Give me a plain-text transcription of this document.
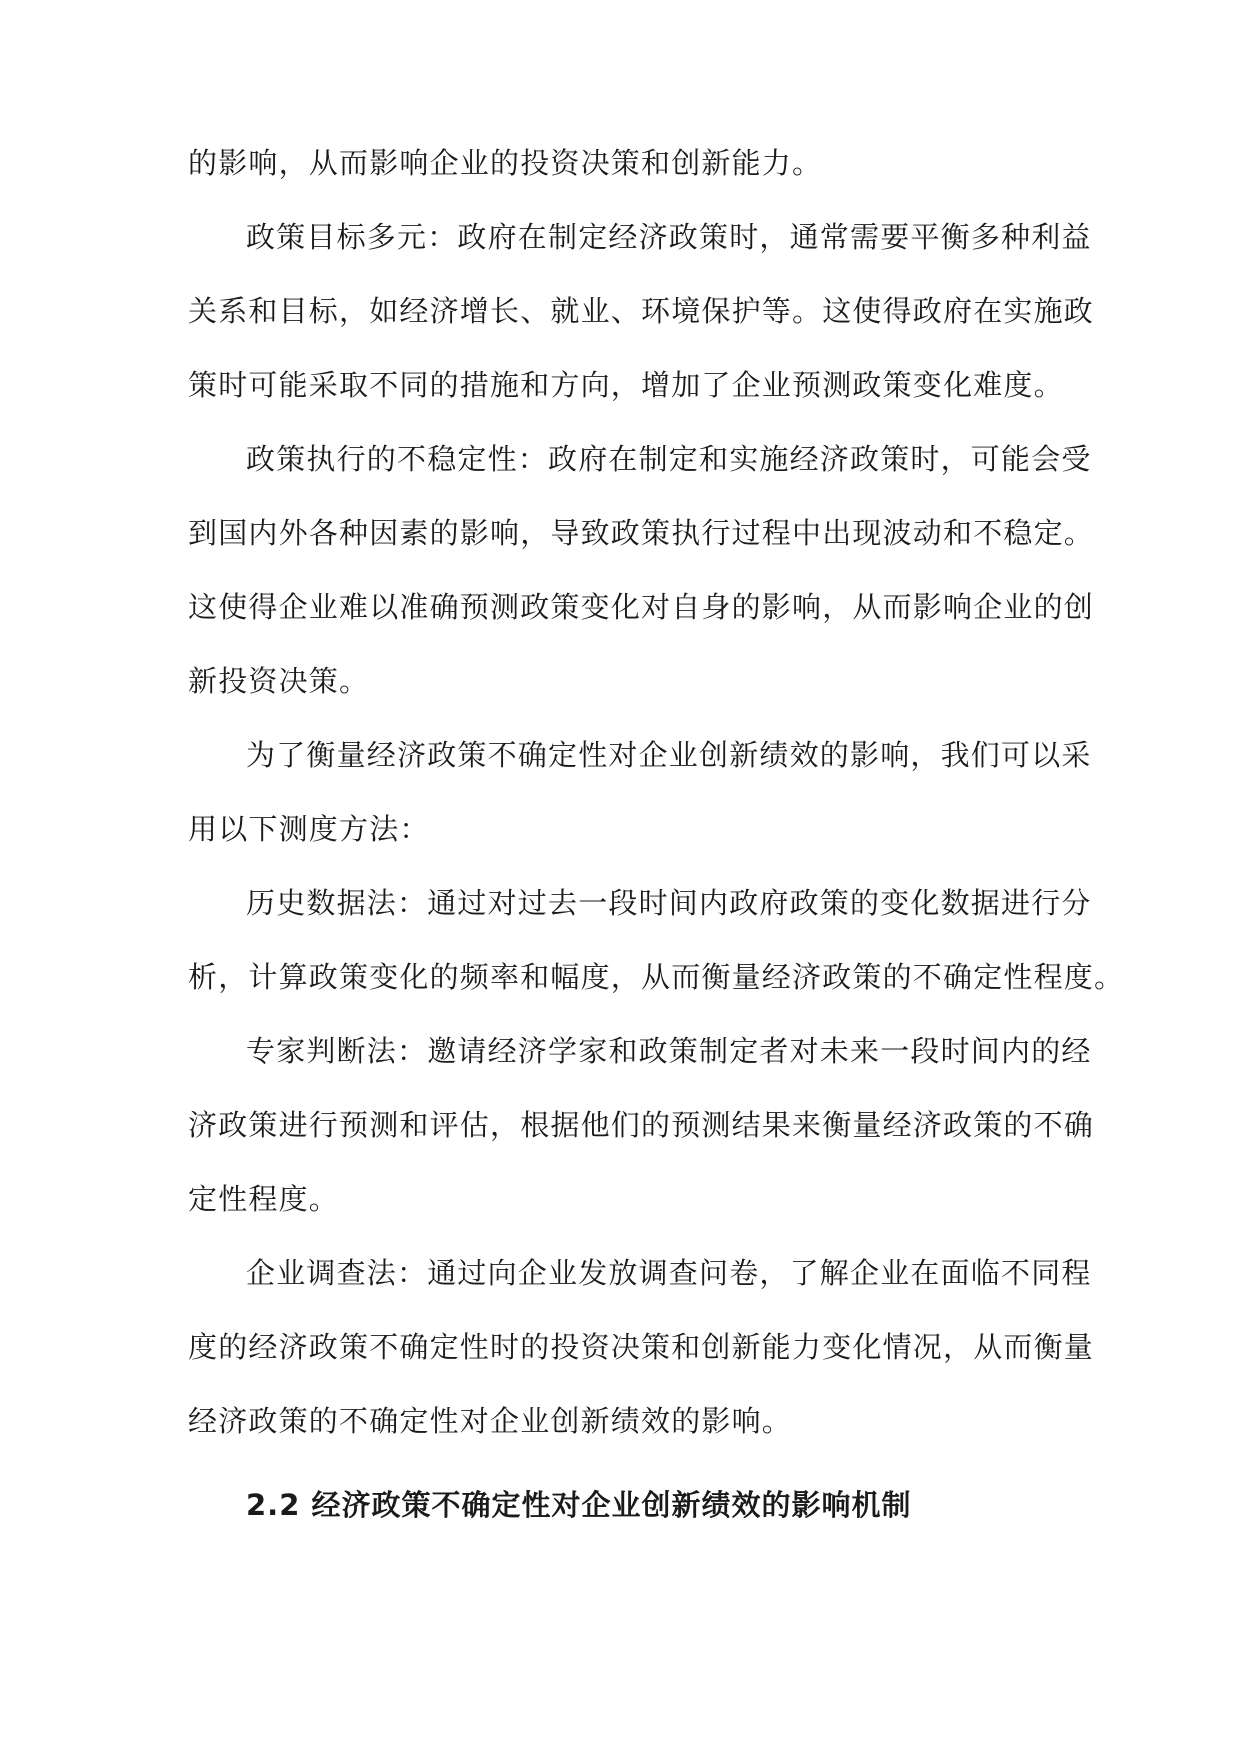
的影响，从而影响企业的投资决策和创新能力。
政策目标多元：政府在制定经济政策时，通常需要平衡多种利益
关系和目标，如经济增长、就业、环境保护等。这使得政府在实施政
策时可能采取不同的措施和方向，增加了企业预测政策变化难度。
政策执行的不稳定性：政府在制定和实施经济政策时，可能会受
到国内外各种因素的影响，导致政策执行过程中出现波动和不稳定。
这使得企业难以准确预测政策变化对自身的影响，从而影响企业的创
新投资决策。
为了衡量经济政策不确定性对企业创新绩效的影响，我们可以采
用以下测度方法：
历史数据法：通过对过去一段时间内政府政策的变化数据进行分
析，计算政策变化的频率和幅度，从而衡量经济政策的不确定性程度。
专家判断法：邀请经济学家和政策制定者对未来一段时间内的经
济政策进行预测和评估，根据他们的预测结果来衡量经济政策的不确
定性程度。
企业调查法：通过向企业发放调查问卷，了解企业在面临不同程
度的经济政策不确定性时的投资决策和创新能力变化情况，从而衡量
经济政策的不确定性对企业创新绩效的影响。
2.2 经济政策不确定性对企业创新绩效的影响机制
